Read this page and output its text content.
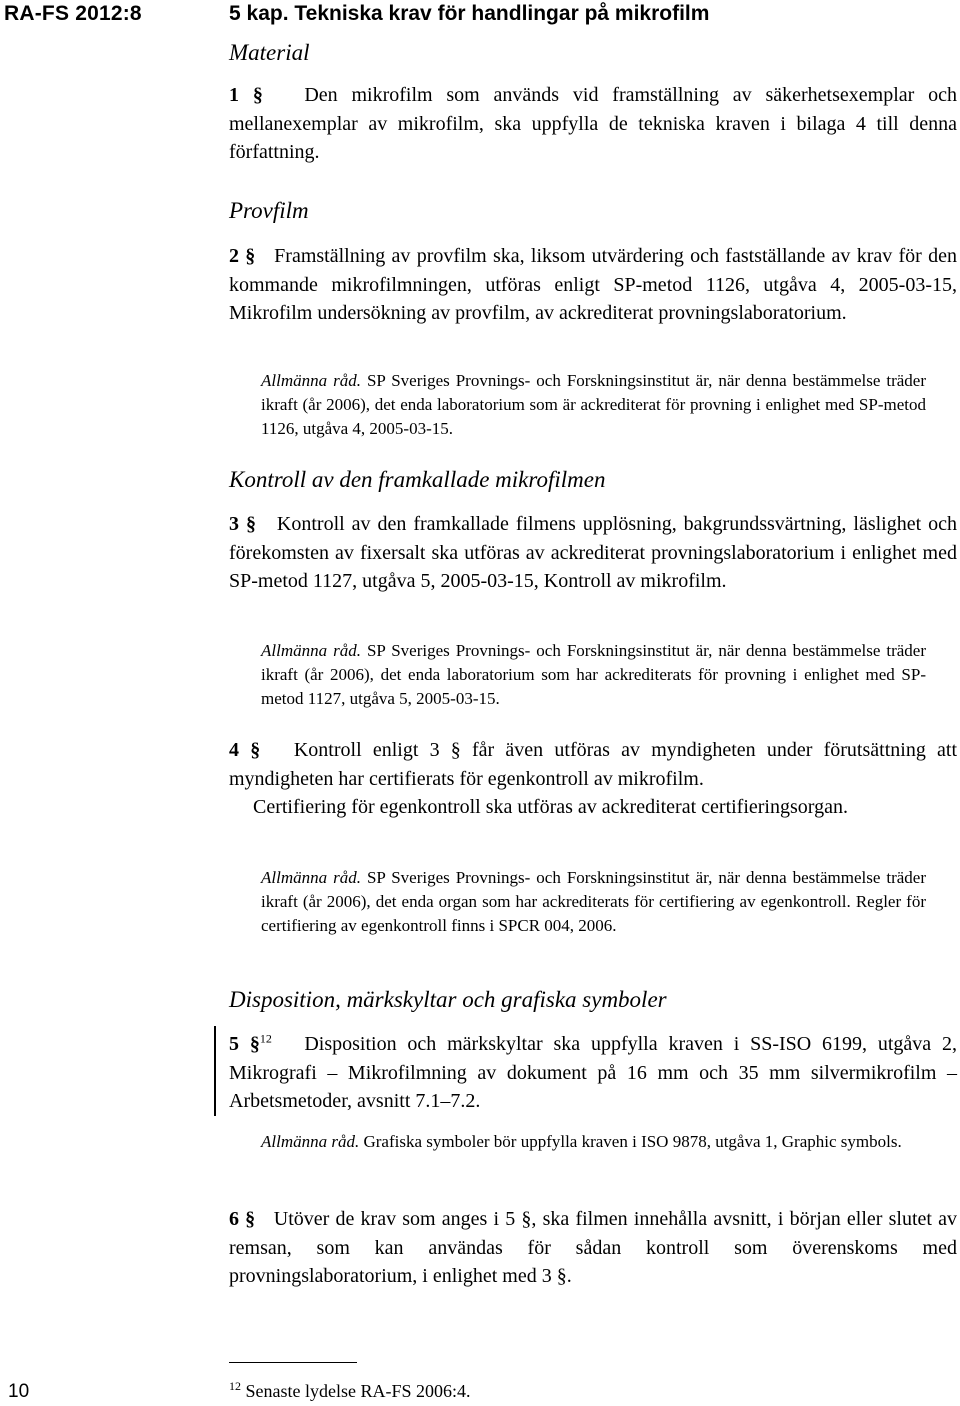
RA-FS 2012:8	5 kap. Tekniska krav för handlingar på mikrofilm
Material
1 § Den mikrofilm som används vid framställning av säkerhetsexemplar och mellanexemplar av mikrofilm, ska uppfylla de tekniska kraven i bilaga 4 till denna författning.
Provfilm
2 § Framställning av provfilm ska, liksom utvärdering och fastställande av krav för den kommande mikrofilmningen, utföras enligt SP-metod 1126, utgåva 4, 2005-03-15, Mikrofilm undersökning av provfilm, av ackrediterat provningslaboratorium.
Allmänna råd. SP Sveriges Provnings- och Forskningsinstitut är, när denna bestämmelse träder ikraft (år 2006), det enda laboratorium som är ackrediterat för provning i enlighet med SP-metod 1126, utgåva 4, 2005-03-15.
Kontroll av den framkallade mikrofilmen
3 § Kontroll av den framkallade filmens upplösning, bakgrundssvärtning, läslighet och förekomsten av fixersalt ska utföras av ackrediterat provningslaboratorium i enlighet med SP-metod 1127, utgåva 5, 2005-03-15, Kontroll av mikrofilm.
Allmänna råd. SP Sveriges Provnings- och Forskningsinstitut är, när denna bestämmelse träder ikraft (år 2006), det enda laboratorium som har ackrediterats för provning i enlighet med SP-metod 1127, utgåva 5, 2005-03-15.
4 § Kontroll enligt 3 § får även utföras av myndigheten under förutsättning att myndigheten har certifierats för egenkontroll av mikrofilm.
Certifiering för egenkontroll ska utföras av ackrediterat certifieringsorgan.
Allmänna råd. SP Sveriges Provnings- och Forskningsinstitut är, när denna bestämmelse träder ikraft (år 2006), det enda organ som har ackrediterats för certifiering av egenkontroll. Regler för certifiering av egenkontroll finns i SPCR 004, 2006.
Disposition, märkskyltar och grafiska symboler
5 §$^{12}$ Disposition och märkskyltar ska uppfylla kraven i SS-ISO 6199, utgåva 2, Mikrografi – Mikrofilmning av dokument på 16 mm och 35 mm silvermikrofilm – Arbetsmetoder, avsnitt 7.1–7.2.
Allmänna råd. Grafiska symboler bör uppfylla kraven i ISO 9878, utgåva 1, Graphic symbols.
6 § Utöver de krav som anges i 5 §, ska filmen innehålla avsnitt, i början eller slutet av remsan, som kan användas för sådan kontroll som överenskoms med provningslaboratorium, i enlighet med 3 §.
$^{12}$ Senaste lydelse RA-FS 2006:4.
10
